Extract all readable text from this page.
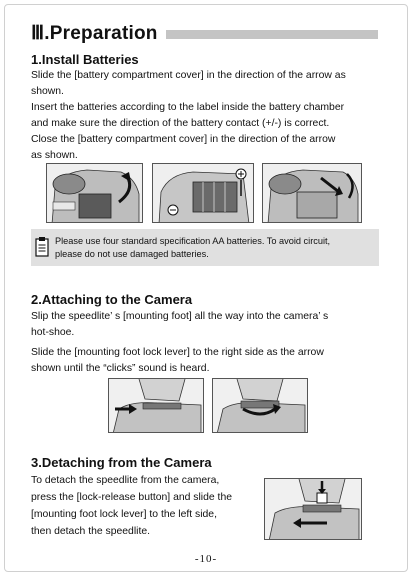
Ⅲ.Preparation
1.Install Batteries

Slide the [battery compartment cover] in the direction of the arrow as

shown.

Insert the batteries according to the label inside the battery chamber

and make sure the direction of the battery contact (+/-) is correct.

Close the [battery compartment cover] in the direction of the arrow

as shown.

Please use four standard specification AA batteries. To avoid circuit,

please do not use damaged batteries.

2.Attaching to the Camera

Slip the speedlite’ s [mounting foot] all the way into the camera’ s

hot-shoe.

Slide the [mounting foot lock lever] to the right side as the arrow

shown until the “clicks” sound is heard.

3.Detaching from the Camera

To detach the speedlite from the camera,

press the [lock-release button] and slide the

[mounting foot lock lever] to the left side,

then detach the speedlite.

-10-
